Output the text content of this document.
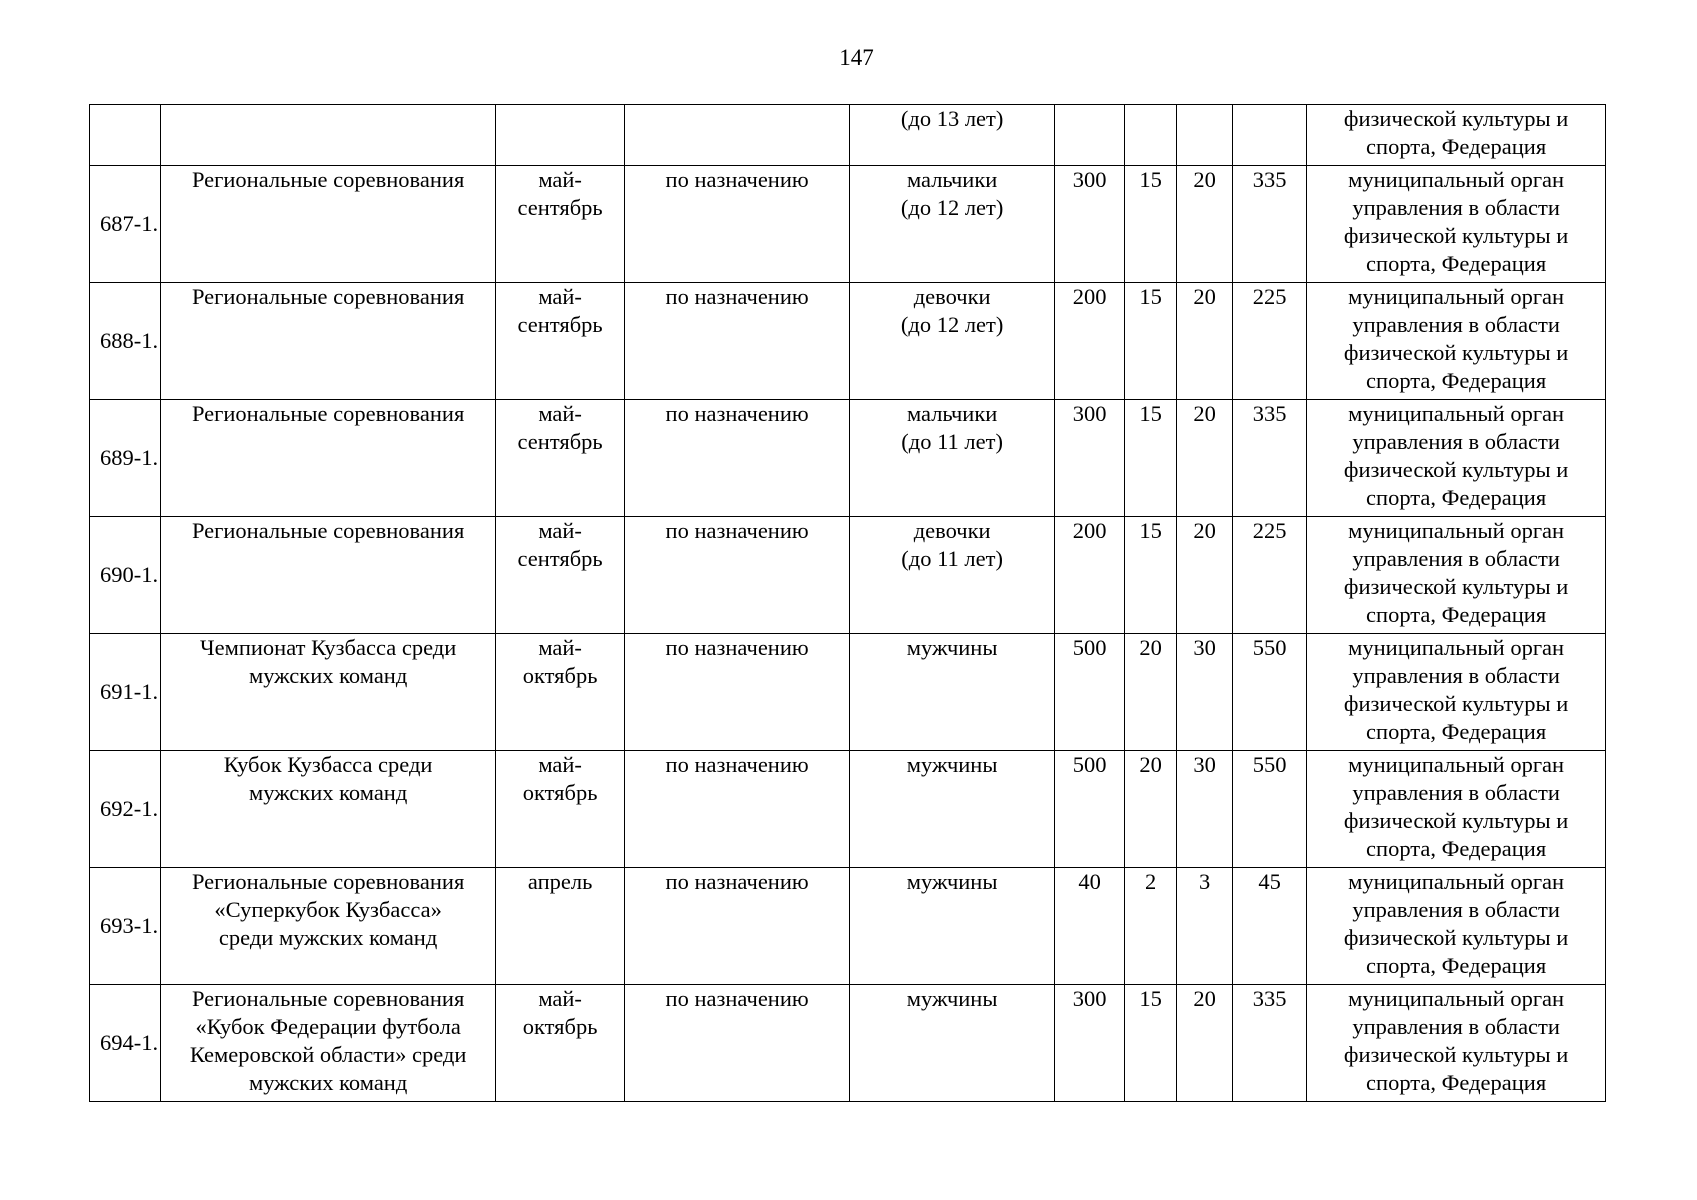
147

				(до 13 лет)					физической культуры и
спорта, Федерация

687-1.	Региональные соревнования	май-
сентябрь	по назначению	мальчики
(до 12 лет)	300	15	20	335	муниципальный орган
управления в области
физической культуры и
спорта, Федерация

688-1.	Региональные соревнования	май-
сентябрь	по назначению	девочки
(до 12 лет)	200	15	20	225	муниципальный орган
управления в области
физической культуры и
спорта, Федерация

689-1.	Региональные соревнования	май-
сентябрь	по назначению	мальчики
(до 11 лет)	300	15	20	335	муниципальный орган
управления в области
физической культуры и
спорта, Федерация

690-1.	Региональные соревнования	май-
сентябрь	по назначению	девочки
(до 11 лет)	200	15	20	225	муниципальный орган
управления в области
физической культуры и
спорта, Федерация

691-1.	Чемпионат Кузбасса среди
мужских команд	май-
октябрь	по назначению	мужчины	500	20	30	550	муниципальный орган
управления в области
физической культуры и
спорта, Федерация

692-1.	Кубок Кузбасса среди
мужских команд	май-
октябрь	по назначению	мужчины	500	20	30	550	муниципальный орган
управления в области
физической культуры и
спорта, Федерация

693-1.	Региональные соревнования
«Суперкубок Кузбасса»
среди мужских команд	апрель	по назначению	мужчины	40	2	3	45	муниципальный орган
управления в области
физической культуры и
спорта, Федерация

694-1.	Региональные соревнования
«Кубок Федерации футбола
Кемеровской области» среди
мужских команд	май-
октябрь	по назначению	мужчины	300	15	20	335	муниципальный орган
управления в области
физической культуры и
спорта, Федерация
